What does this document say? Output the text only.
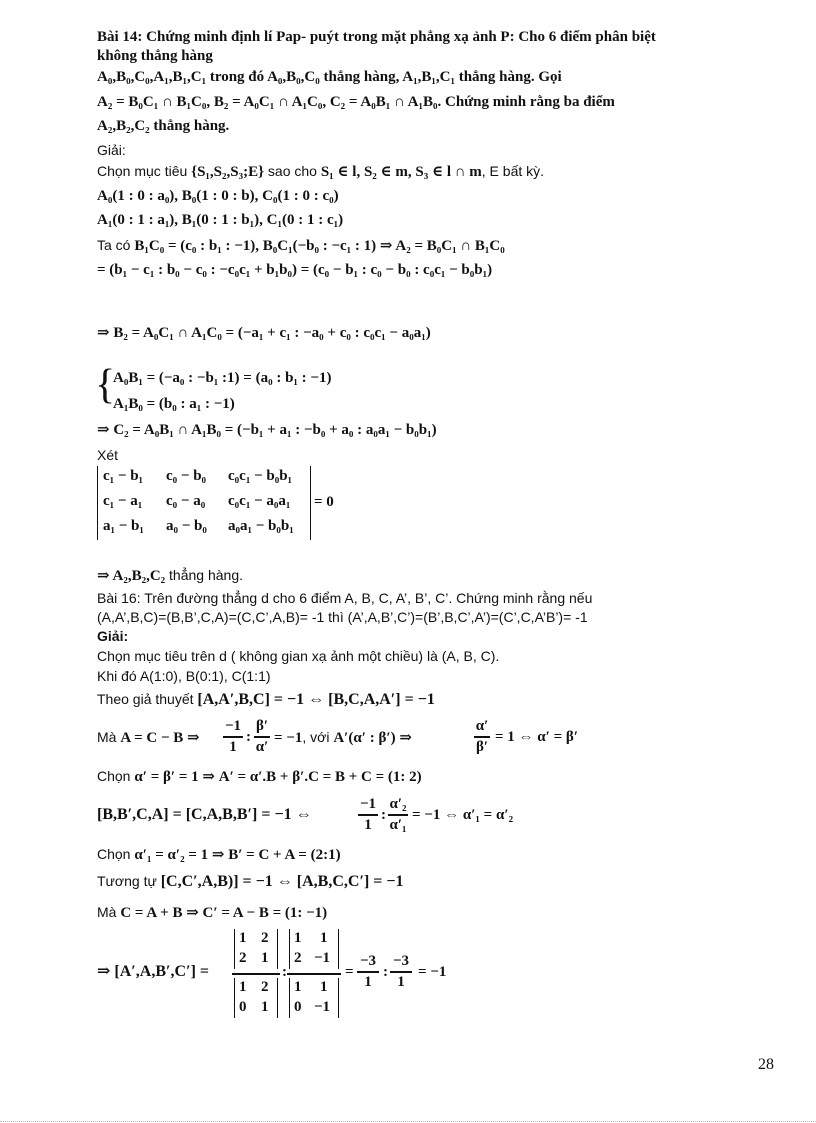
Bài 14: Chứng minh định lí Pap- puýt trong mặt phẳng xạ ảnh P: Cho 6 điểm phân biệt
không thẳng hàng
A₀,B₀,C₀,A₁,B₁,C₁ trong đó A₀,B₀,C₀ thẳng hàng, A₁,B₁,C₁ thẳng hàng. Gọi
A₂ = B₀C₁ ∩ B₁C₀, B₂ = A₀C₁ ∩ A₁C₀, C₂ = A₀B₁ ∩ A₁B₀. Chứng minh rằng ba điểm
A₂,B₂,C₂ thẳng hàng.
Giải:
Chọn mục tiêu {S₁,S₂,S₃;E} sao cho S₁ ∈ l, S₂ ∈ m, S₃ ∈ l ∩ m, E bất kỳ.
A₀(1 : 0 : a₀), B₀(1 : 0 : b), C₀(1 : 0 : c₀)
A₁(0 : 1 : a₁), B₁(0 : 1 : b₁), C₁(0 : 1 : c₁)
Ta có B₁C₀ = (c₀ : b₁ : −1), B₀C₁(−b₀ : −c₁ : 1) ⇒ A₂ = B₀C₁ ∩ B₁C₀
= (b₁ − c₁ : b₀ − c₀ : −c₀c₁ + b₁b₀) = (c₀ − b₁ : c₀ − b₀ : c₀c₁ − b₀b₁)
⇒ B₂ = A₀C₁ ∩ A₁C₀ = (−a₁ + c₁ : −a₀ + c₀ : c₀c₁ − a₀a₁)
{
A₀B₁ = (−a₀ : −b₁ :1) = (a₀ : b₁ : −1)
A₁B₀ = (b₀ : a₁ : −1)
⇒ C₂ = A₀B₁ ∩ A₁B₀ = (−b₁ + a₁ : −b₀ + a₀ : a₀a₁ − b₀b₁)
Xét
c₁ − b₁ c₀ − b₀ c₀c₁ − b₀b₁
c₁ − a₁ c₀ − a₀ c₀c₁ − a₀a₁
a₁ − b₁ a₀ − b₀ a₀a₁ − b₀b₁
= 0
⇒ A₂,B₂,C₂ thẳng hàng.
Bài 16: Trên đường thẳng d cho 6 điểm A, B, C, A’, B’, C’. Chứng minh rằng nếu
(A,A’,B,C)=(B,B’,C,A)=(C,C’,A,B)= -1 thì (A’,A,B’,C’)=(B’,B,C’,A’)=(C’,C,A’B’)= -1
Giải:
Chọn mục tiêu trên d ( không gian xạ ảnh một chiều) là (A, B, C).
Khi đó A(1:0), B(0:1), C(1:1)
Theo giả thuyết [A,A′,B,C] = −1 ⇔ [B,C,A,A′] = −1
Mà A = C − B ⇒
−1
1
:
β′
α′
= −1, với A′(α′ : β′) ⇒
α′
β′
= 1 ⇔ α′ = β′
Chọn α′ = β′ = 1 ⇒ A′ = α′.B + β′.C = B + C = (1: 2)
[B,B′,C,A] = [C,A,B,B′] = −1 ⇔
−1
1
:
α′₂
α′₁
= −1 ⇔ α′₁ = α′₂
Chọn α′₁ = α′₂ = 1 ⇒ B′ = C + A = (2:1)
Tương tự [C,C′,A,B)] = −1 ⇔ [A,B,C,C′] = −1
Mà C = A + B ⇒ C′ = A − B = (1: −1)
⇒ [A′,A,B′,C′] =
1 2
2 1
1 2
0 1
:
1 1
2 −1
1 1
0 −1
=
−3
1
:
−3
1
= −1
28
